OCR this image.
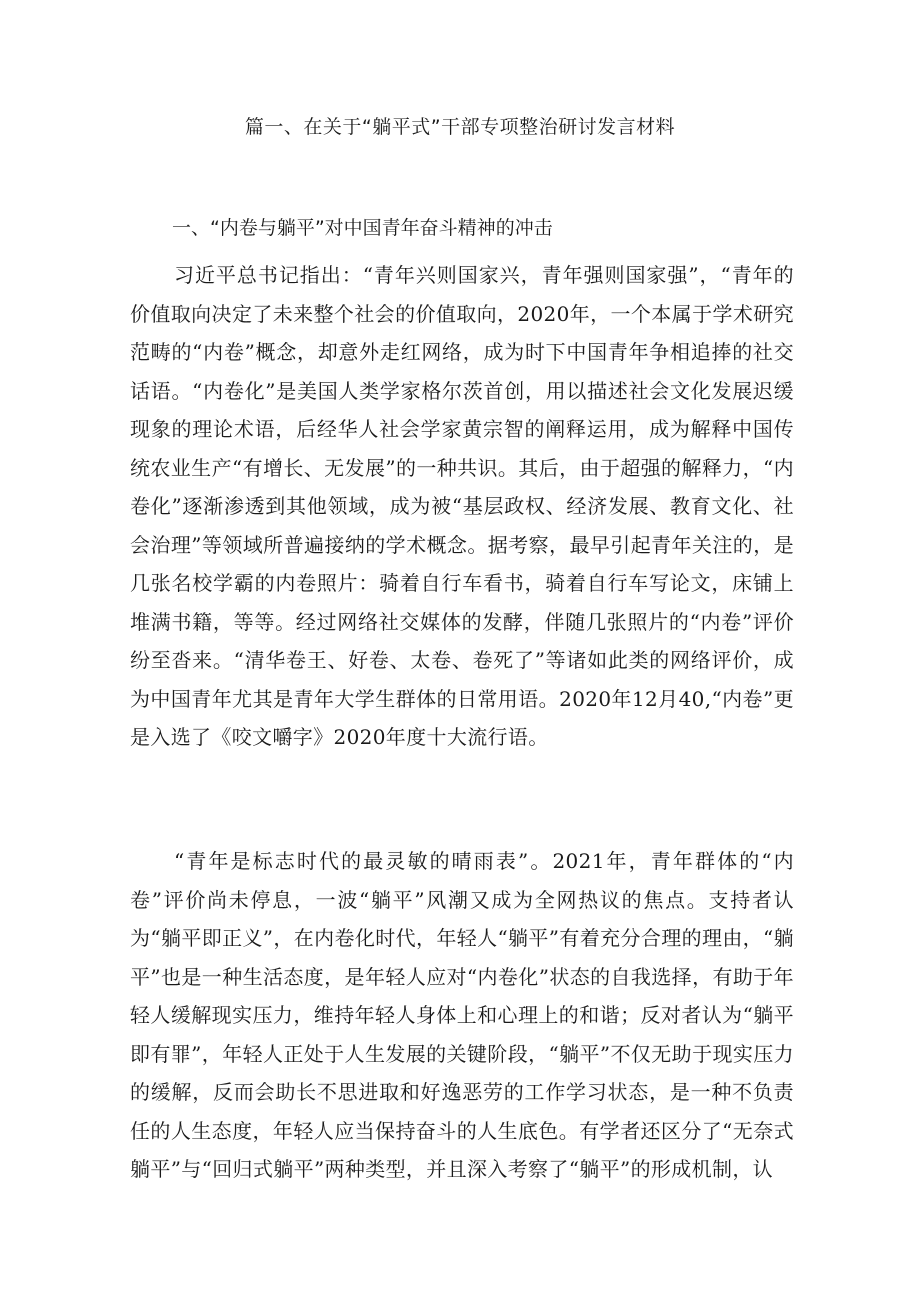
篇一、在关于“躺平式”干部专项整治研讨发言材料
一、“内卷与躺平”对中国青年奋斗精神的冲击

习近平总书记指出：“青年兴则国家兴，青年强则国家强”，“青年的价值取向决定了未来整个社会的价值取向，2020年，一个本属于学术研究范畴的“内卷”概念，却意外走红网络，成为时下中国青年争相追捧的社交话语。“内卷化”是美国人类学家格尔茨首创，用以描述社会文化发展迟缓现象的理论术语，后经华人社会学家黄宗智的阐释运用，成为解释中国传统农业生产“有增长、无发展”的一种共识。其后，由于超强的解释力，“内卷化”逐渐渗透到其他领域，成为被“基层政权、经济发展、教育文化、社会治理”等领域所普遍接纳的学术概念。据考察，最早引起青年关注的，是几张名校学霸的内卷照片：骑着自行车看书，骑着自行车写论文，床铺上堆满书籍，等等。经过网络社交媒体的发酵，伴随几张照片的“内卷”评价纷至沓来。“清华卷王、好卷、太卷、卷死了”等诸如此类的网络评价，成为中国青年尤其是青年大学生群体的日常用语。2020年12月40,“内卷”更是入选了《咬文嚼字》2020年度十大流行语。

“青年是标志时代的最灵敏的晴雨表”。2021年，青年群体的“内卷”评价尚未停息，一波“躺平”风潮又成为全网热议的焦点。支持者认为“躺平即正义”，在内卷化时代，年轻人“躺平”有着充分合理的理由，“躺平”也是一种生活态度，是年轻人应对“内卷化”状态的自我选择，有助于年轻人缓解现实压力，维持年轻人身体上和心理上的和谐；反对者认为“躺平即有罪”，年轻人正处于人生发展的关键阶段，“躺平”不仅无助于现实压力的缓解，反而会助长不思进取和好逸恶劳的工作学习状态，是一种不负责任的人生态度，年轻人应当保持奋斗的人生底色。有学者还区分了“无奈式躺平”与“回归式躺平”两种类型，并且深入考察了“躺平”的形成机制，认
